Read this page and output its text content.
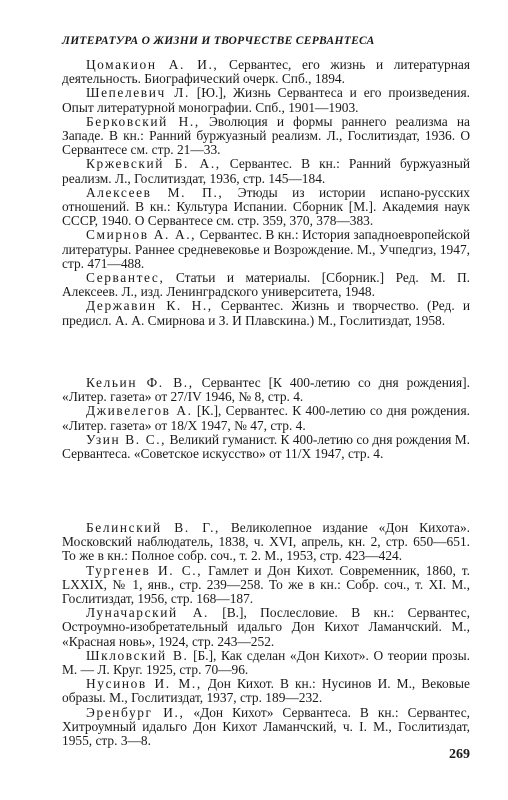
ЛИТЕРАТУРА О ЖИЗНИ И ТВОРЧЕСТВЕ СЕРВАНТЕСА

Цомакион А. И., Сервантес, его жизнь и литературная деятельность. Биографический очерк. Спб., 1894.

Шепелевич Л. [Ю.], Жизнь Сервантеса и его произведения. Опыт литературной монографии. Спб., 1901—1903.

Берковский Н., Эволюция и формы раннего реализма на Западе. В кн.: Ранний буржуазный реализм. Л., Гослитиздат, 1936. О Сервантесе см. стр. 21—33.

Кржевский Б. А., Сервантес. В кн.: Ранний буржуазный реализм. Л., Гослитиздат, 1936, стр. 145—184.

Алексеев М. П., Этюды из истории испано-русских отношений. В кн.: Культура Испании. Сборник [М.]. Академия наук СССР, 1940. О Сервантесе см. стр. 359, 370, 378—383.

Смирнов А. А., Сервантес. В кн.: История западноевропейской литературы. Раннее средневековье и Возрождение. М., Учпедгиз, 1947, стр. 471—488.

Сервантес, Статьи и материалы. [Сборник.] Ред. М. П. Алексеев. Л., изд. Ленинградского университета, 1948.

Державин К. Н., Сервантес. Жизнь и творчество. (Ред. и предисл. А. А. Смирнова и З. И Плавскина.) М., Гослитиздат, 1958.

Кельин Ф. В., Сервантес [К 400-летию со дня рождения]. «Литер. газета» от 27/IV 1946, № 8, стр. 4.

Дживелегов А. [К.], Сервантес. К 400-летию со дня рождения. «Литер. газета» от 18/X 1947, № 47, стр. 4.

Узин В. С., Великий гуманист. К 400-летию со дня рождения М. Сервантеса. «Советское искусство» от 11/X 1947, стр. 4.

Белинский В. Г., Великолепное издание «Дон Кихота». Московский наблюдатель, 1838, ч. XVI, апрель, кн. 2, стр. 650—651. То же в кн.: Полное собр. соч., т. 2. М., 1953, стр. 423—424.

Тургенев И. С., Гамлет и Дон Кихот. Современник, 1860, т. LXXIX, № 1, янв., стр. 239—258. То же в кн.: Собр. соч., т. XI. М., Гослитиздат, 1956, стр. 168—187.

Луначарский А. [В.], Послесловие. В кн.: Сервантес, Остроумно-изобретательный идальго Дон Кихот Ламанчский. М., «Красная новь», 1924, стр. 243—252.

Шкловский В. [Б.], Как сделан «Дон Кихот». О теории прозы. М. — Л. Круг. 1925, стр. 70—96.

Нусинов И. М., Дон Кихот. В кн.: Нусинов И. М., Вековые образы. М., Гослитиздат, 1937, стр. 189—232.

Эренбург И., «Дон Кихот» Сервантеса. В кн.: Сервантес, Хитроумный идальго Дон Кихот Ламанчский, ч. I. М., Гослитиздат, 1955, стр. 3—8.

269
